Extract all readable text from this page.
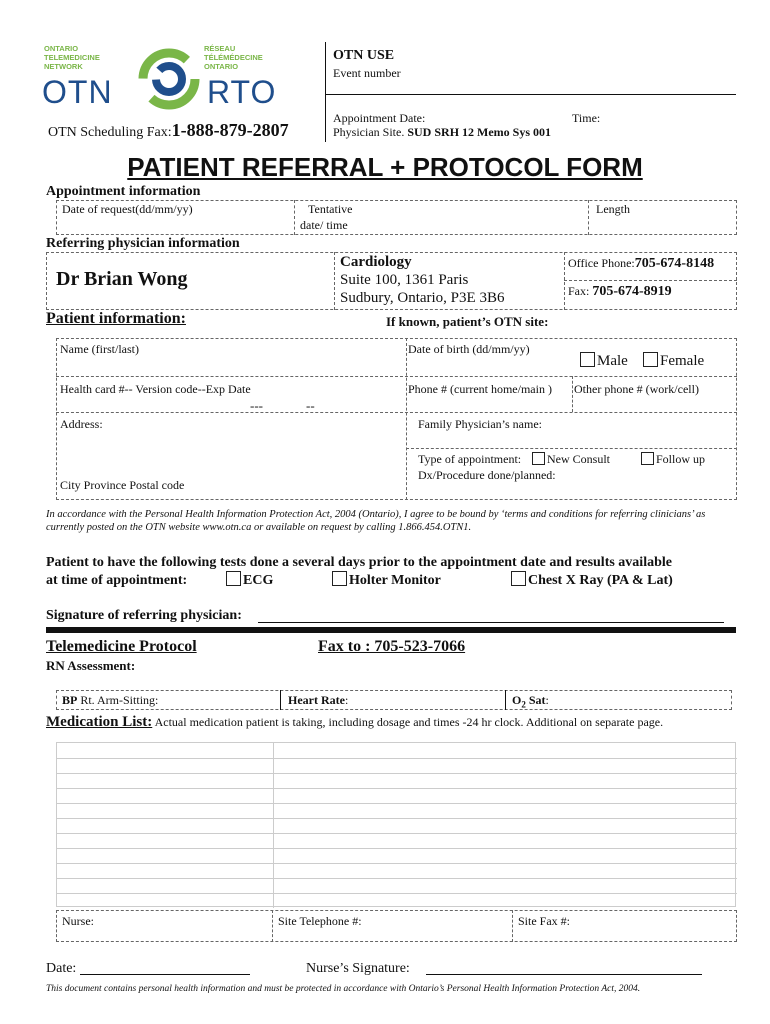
ONTARIO
TELEMEDICINE
NETWORK
RÉSEAU
TÉLÉMÉDECINE
ONTARIO
OTN	RTO
OTN USE
Event number
Appointment Date:	Time:
Physician Site. SUD SRH 12 Memo Sys 001
OTN Scheduling Fax:1-888-879-2807
PATIENT REFERRAL + PROTOCOL FORM
Appointment information
Date of request(dd/mm/yy)	Tentative
date/ time
Length
Referring physician information
Dr Brian Wong
Cardiology
Suite 100, 1361 Paris
Sudbury, Ontario, P3E 3B6
Office Phone:705-674-8148
Fax: 705-674-8919
Patient information:	If known, patient’s OTN site:
Name (first/last)	Date of birth (dd/mm/yy)
Male	Female
Health card #-- Version code--Exp Date
---	--
Phone # (current home/main ) Other phone # (work/cell)
Address:	Family Physician’s name:
Type of appointment:	New Consult	Follow up
Dx/Procedure done/planned:
City Province Postal code
In accordance with the Personal Health Information Protection Act, 2004 (Ontario), I agree to be bound by ‘terms and conditions for referring clinicians’ as currently posted on the OTN website www.otn.ca or available on request by calling 1.866.454.OTN1.
Patient to have the following tests done a several days prior to the appointment date and results available
at time of appointment:	ECG	Holter Monitor	Chest X Ray (PA & Lat)
Signature of referring physician:
Telemedicine Protocol	Fax to : 705-523-7066
RN Assessment:
BP Rt. Arm-Sitting:	Heart Rate:	$O_2$ Sat:
Medication List: Actual medication patient is taking, including dosage and times -24 hr clock. Additional on separate page.
Nurse:	Site Telephone #:	Site Fax #:
Date:	Nurse’s Signature:
This document contains personal health information and must be protected in accordance with Ontario’s Personal Health Information Protection Act, 2004.
